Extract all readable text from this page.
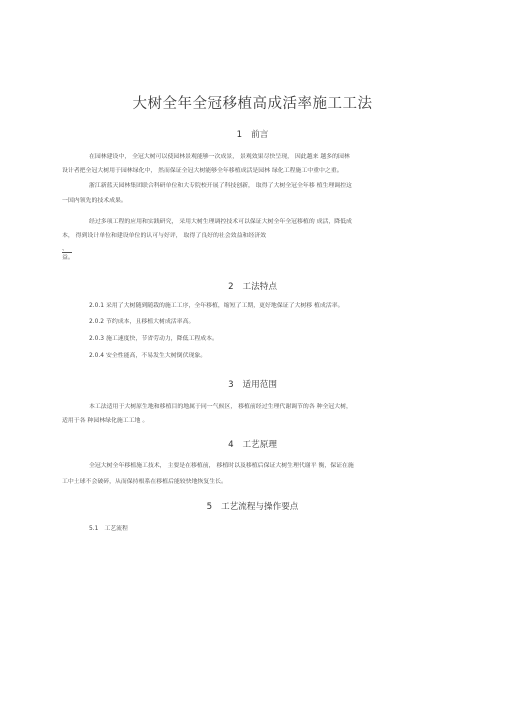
大树全年全冠移植高成活率施工工法
1 前言
在园林建设中， 全冠大树可以使园林景观能够一次成景， 景观效果尽快呈现， 因此越来 越多的园林
设计者把全冠大树用于园林绿化中， 然而保证全冠大树能够全年移植成活是园林 绿化工程施工中重中之重。
浙江新蓝天园林集团联合科研单位和大专院校开展了科技创新， 取得了大树全冠全年移 植生理调控这
一国内领先的技术成果。
经过多项工程的应用和实践研究， 采用大树生理调控技术可以保证大树全年全冠移植的 成活，降低成
本， 得到设计单位和建设单位的认可与好评， 取得了良好的社会效益和经济效
、
益。
2 工法特点
2.0.1 采用了大树随到随栽的施工工序，全年移植，缩短了工期，更好地保证了大树移 植成活率。
2.0.2 节约成本，且移植大树成活率高。
2.0.3 施工速度快，节省劳动力，降低工程成本。
2.0.4 安全性能高，不易发生大树倒伏现象。
3 适用范围
本工法适用于大树原生地和移植目的地属于同一气候区， 移植前经过生理代谢调节的各 种全冠大树，
适用于各 种园林绿化施工工地 。
4 工艺原理
全冠大树全年移植施工技术， 主要是在移植前， 移植时以及移植后保证大树生理代谢平 衡，保证在施
工中土球不会破碎，从而保持根系在移植后能较快地恢复生长。
5 工艺流程与操作要点
5.1 工艺流程
